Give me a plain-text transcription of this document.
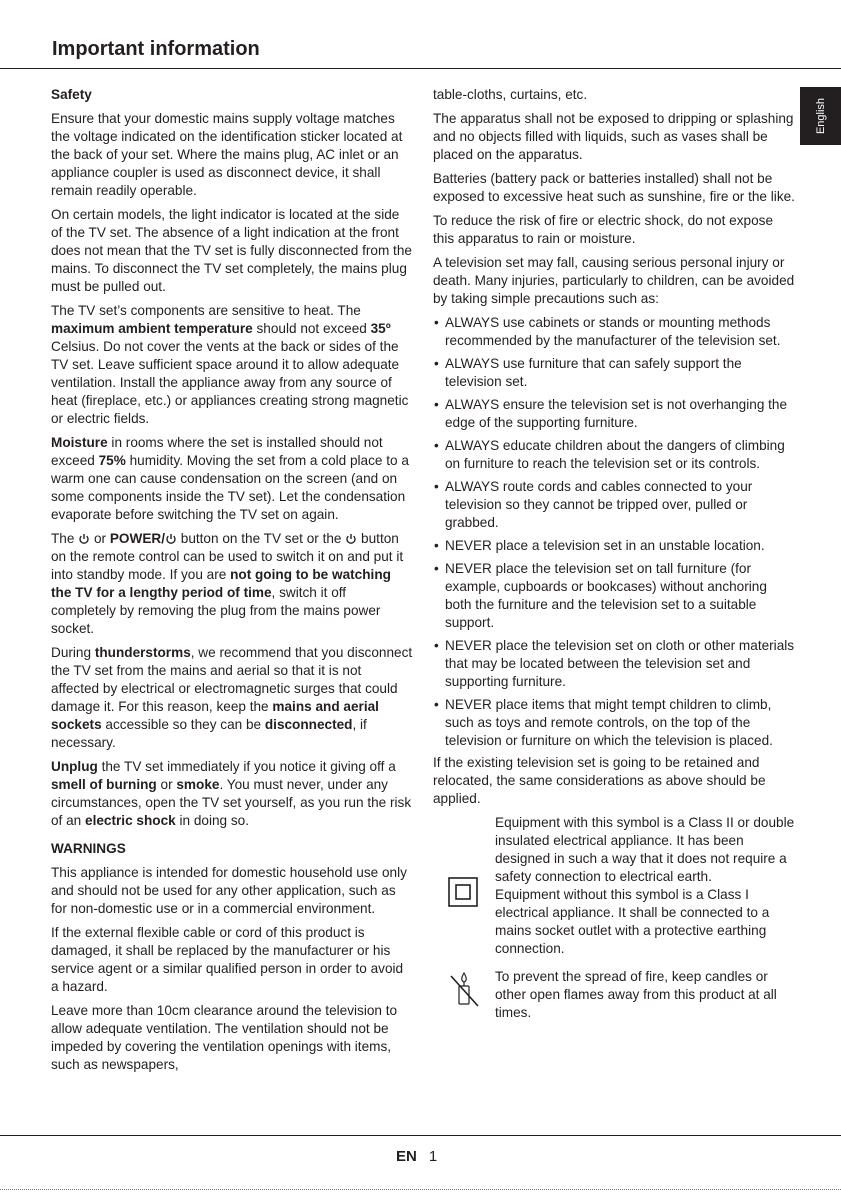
Important information
English

Safety

Ensure that your domestic mains supply voltage matches the voltage indicated on the identification sticker located at the back of your set. Where the mains plug, AC inlet or an appliance coupler is used as disconnect device, it shall remain readily operable.

On certain models, the light indicator is located at the side of the TV set. The absence of a light indication at the front does not mean that the TV set is fully disconnected from the mains. To disconnect the TV set completely, the mains plug must be pulled out.

The TV set’s components are sensitive to heat. The maximum ambient temperature should not exceed 35º Celsius. Do not cover the vents at the back or sides of the TV set. Leave sufficient space around it to allow adequate ventilation. Install the appliance away from any source of heat (fireplace, etc.) or appliances creating strong magnetic or electric fields.

Moisture in rooms where the set is installed should not exceed 75% humidity. Moving the set from a cold place to a warm one can cause condensation on the screen (and on some components inside the TV set). Let the condensation evaporate before switching the TV set on again.

The  or POWER/ button on the TV set or the  button on the remote control can be used to switch it on and put it into standby mode. If you are not going to be watching the TV for a lengthy period of time, switch it off completely by removing the plug from the mains power socket.

During thunderstorms, we recommend that you disconnect the TV set from the mains and aerial so that it is not affected by electrical or electromagnetic surges that could damage it. For this reason, keep the mains and aerial sockets accessible so they can be disconnected, if necessary.

Unplug the TV set immediately if you notice it giving off a smell of burning or smoke. You must never, under any circumstances, open the TV set yourself, as you run the risk of an electric shock in doing so.

WARNINGS

This appliance is intended for domestic household use only and should not be used for any other application, such as for non-domestic use or in a commercial environment.

If the external flexible cable or cord of this product is damaged, it shall be replaced by the manufacturer or his service agent or a similar qualified person in order to avoid a hazard.

Leave more than 10cm clearance around the television to allow adequate ventilation. The ventilation should not be impeded by covering the ventilation openings with items, such as newspapers,

table-cloths, curtains, etc.

The apparatus shall not be exposed to dripping or splashing and no objects filled with liquids, such as vases shall be placed on the apparatus.

Batteries (battery pack or batteries installed) shall not be exposed to excessive heat such as sunshine, fire or the like.

To reduce the risk of fire or electric shock, do not expose this apparatus to rain or moisture.

A television set may fall, causing serious personal injury or death. Many injuries, particularly to children, can be avoided by taking simple precautions such as:

• ALWAYS use cabinets or stands or mounting methods recommended by the manufacturer of the television set.
• ALWAYS use furniture that can safely support the television set.
• ALWAYS ensure the television set is not overhanging the edge of the supporting furniture.
• ALWAYS educate children about the dangers of climbing on furniture to reach the television set or its controls.
• ALWAYS route cords and cables connected to your television so they cannot be tripped over, pulled or grabbed.
• NEVER place a television set in an unstable location.
• NEVER place the television set on tall furniture (for example, cupboards or bookcases) without anchoring both the furniture and the television set to a suitable support.
• NEVER place the television set on cloth or other materials that may be located between the television set and supporting furniture.
• NEVER place items that might tempt children to climb, such as toys and remote controls, on the top of the television or furniture on which the television is placed.

If the existing television set is going to be retained and relocated, the same considerations as above should be applied.

Equipment with this symbol is a Class II or double insulated electrical appliance. It has been designed in such a way that it does not require a safety connection to electrical earth.

Equipment without this symbol is a Class I electrical appliance. It shall be connected to a mains socket outlet with a protective earthing connection.

To prevent the spread of fire, keep candles or other open flames away from this product at all times.

EN 1
